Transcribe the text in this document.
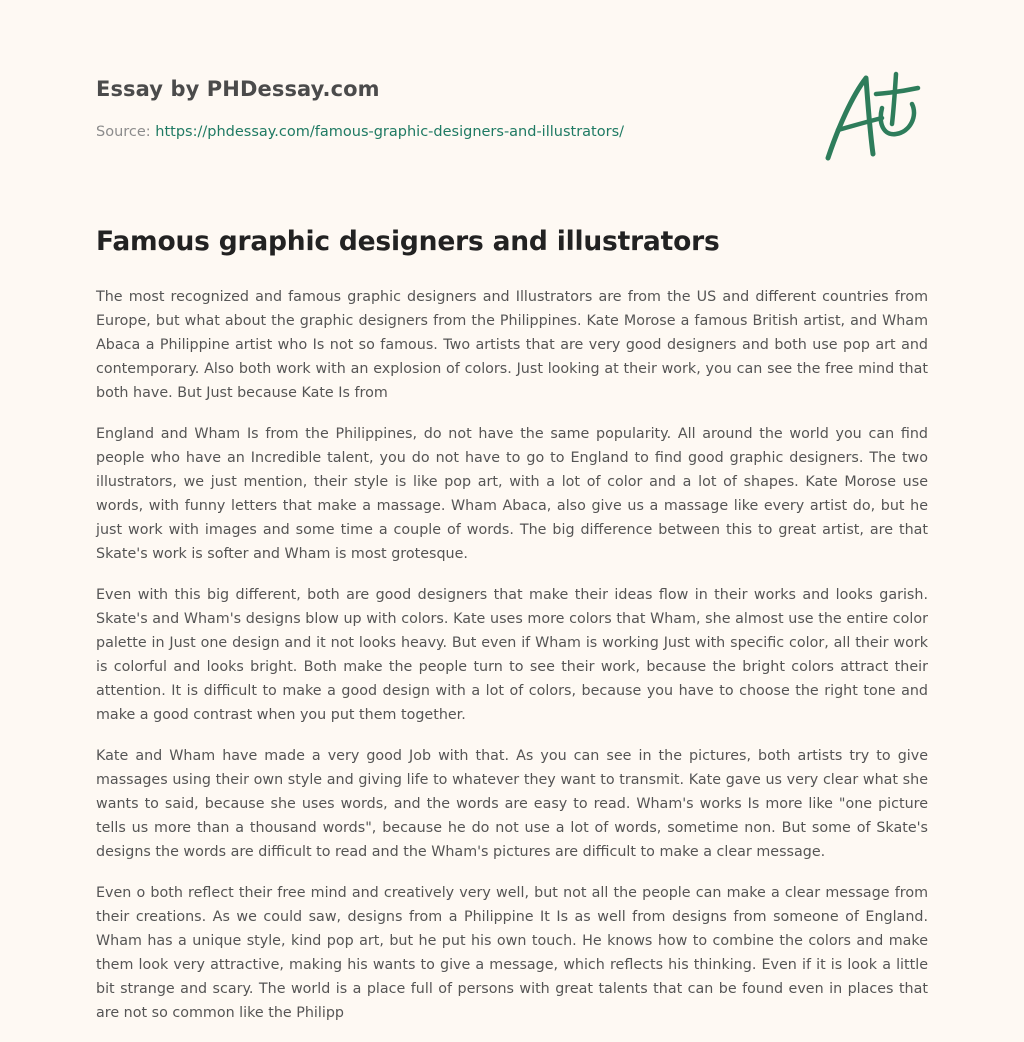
Essay by PHDessay.com

Source: https://phdessay.com/famous-graphic-designers-and-illustrators/

Famous graphic designers and illustrators

The most recognized and famous graphic designers and Illustrators are from the US and different countries from Europe, but what about the graphic designers from the Philippines. Kate Morose a famous British artist, and Wham Abaca a Philippine artist who Is not so famous. Two artists that are very good designers and both use pop art and contemporary. Also both work with an explosion of colors. Just looking at their work, you can see the free mind that both have. But Just because Kate Is from

England and Wham Is from the Philippines, do not have the same popularity. All around the world you can find people who have an Incredible talent, you do not have to go to England to find good graphic designers. The two illustrators, we just mention, their style is like pop art, with a lot of color and a lot of shapes. Kate Morose use words, with funny letters that make a massage. Wham Abaca, also give us a massage like every artist do, but he just work with images and some time a couple of words. The big difference between this to great artist, are that Skate's work is softer and Wham is most grotesque.

Even with this big different, both are good designers that make their ideas flow in their works and looks garish. Skate's and Wham's designs blow up with colors. Kate uses more colors that Wham, she almost use the entire color palette in Just one design and it not looks heavy. But even if Wham is working Just with specific color, all their work is colorful and looks bright. Both make the people turn to see their work, because the bright colors attract their attention. It is difficult to make a good design with a lot of colors, because you have to choose the right tone and make a good contrast when you put them together.

Kate and Wham have made a very good Job with that. As you can see in the pictures, both artists try to give massages using their own style and giving life to whatever they want to transmit. Kate gave us very clear what she wants to said, because she uses words, and the words are easy to read. Wham's works Is more like "one picture tells us more than a thousand words", because he do not use a lot of words, sometime non. But some of Skate's designs the words are difficult to read and the Wham's pictures are difficult to make a clear message.

Even o both reflect their free mind and creatively very well, but not all the people can make a clear message from their creations. As we could saw, designs from a Philippine It Is as well from designs from someone of England. Wham has a unique style, kind pop art, but he put his own touch. He knows how to combine the colors and make them look very attractive, making his wants to give a message, which reflects his thinking. Even if it is look a little bit strange and scary. The world is a place full of persons with great talents that can be found even in places that are not so common like the Philipp
